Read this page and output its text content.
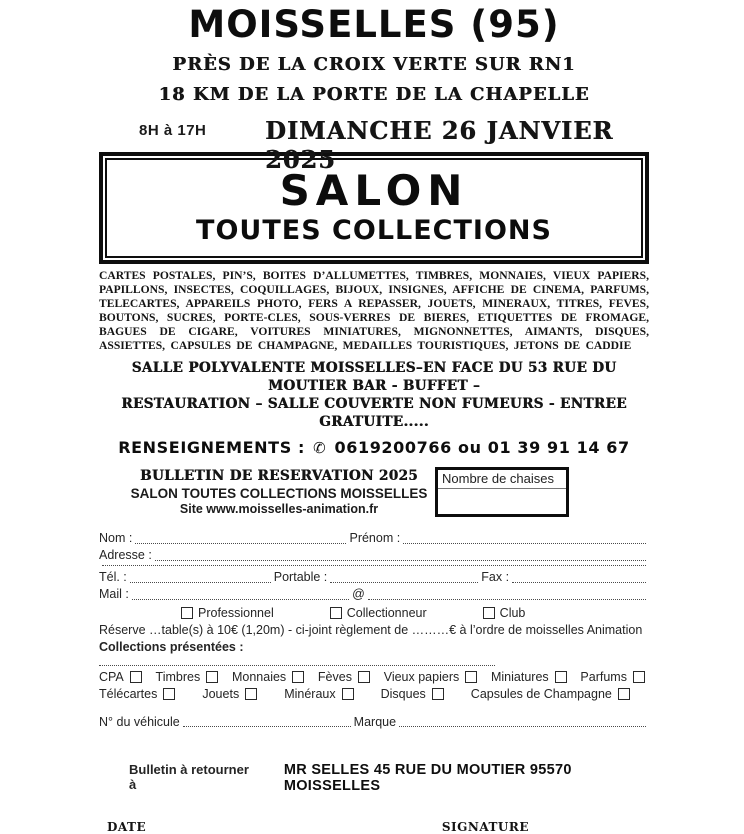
MOISSELLES (95)
PRÈS DE LA CROIX VERTE SUR RN1
18 KM DE LA PORTE DE LA CHAPELLE
8H à 17H DIMANCHE 26 JANVIER 2025
SALON
TOUTES COLLECTIONS
CARTES POSTALES, PIN’S, BOITES D’ALLUMETTES, TIMBRES, MONNAIES, VIEUX PAPIERS, PAPILLONS, INSECTES, COQUILLAGES, BIJOUX, INSIGNES, AFFICHE DE CINEMA, PARFUMS, TELECARTES, APPAREILS PHOTO, FERS A REPASSER, JOUETS, MINERAUX, TITRES, FEVES, BOUTONS, SUCRES, PORTE-CLES, SOUS-VERRES DE BIERES, ETIQUETTES DE FROMAGE, BAGUES DE CIGARE, VOITURES MINIATURES, MIGNONNETTES, AIMANTS, DISQUES, ASSIETTES, CAPSULES DE CHAMPAGNE, MEDAILLES TOURISTIQUES, JETONS DE CADDIE
SALLE POLYVALENTE MOISSELLES–EN FACE DU 53 RUE DU MOUTIER BAR - BUFFET –
RESTAURATION – SALLE COUVERTE NON FUMEURS - ENTREE GRATUITE.....
RENSEIGNEMENTS : ✆ 0619200766 ou 01 39 91 14 67
BULLETIN DE RESERVATION 2025
SALON TOUTES COLLECTIONS MOISSELLES
Site www.moisselles-animation.fr
Nombre de chaises
Nom :	Prénom :
Adresse :
Tél. :	Portable :	Fax :
Mail :	@
Professionnel	Collectionneur	Club
Réserve …table(s) à 10€ (1,20m) - ci-joint règlement de ………€ à l’ordre de moisselles Animation
Collections présentées :
CPA	Timbres	Monnaies	Fèves	Vieux papiers	Miniatures	Parfums
Télécartes	Jouets	Minéraux	Disques	Capsules de Champagne
N° du véhicule	Marque
Bulletin à retourner à
MR SELLES 45 RUE DU MOUTIER 95570 MOISSELLES
DATE	SIGNATURE
